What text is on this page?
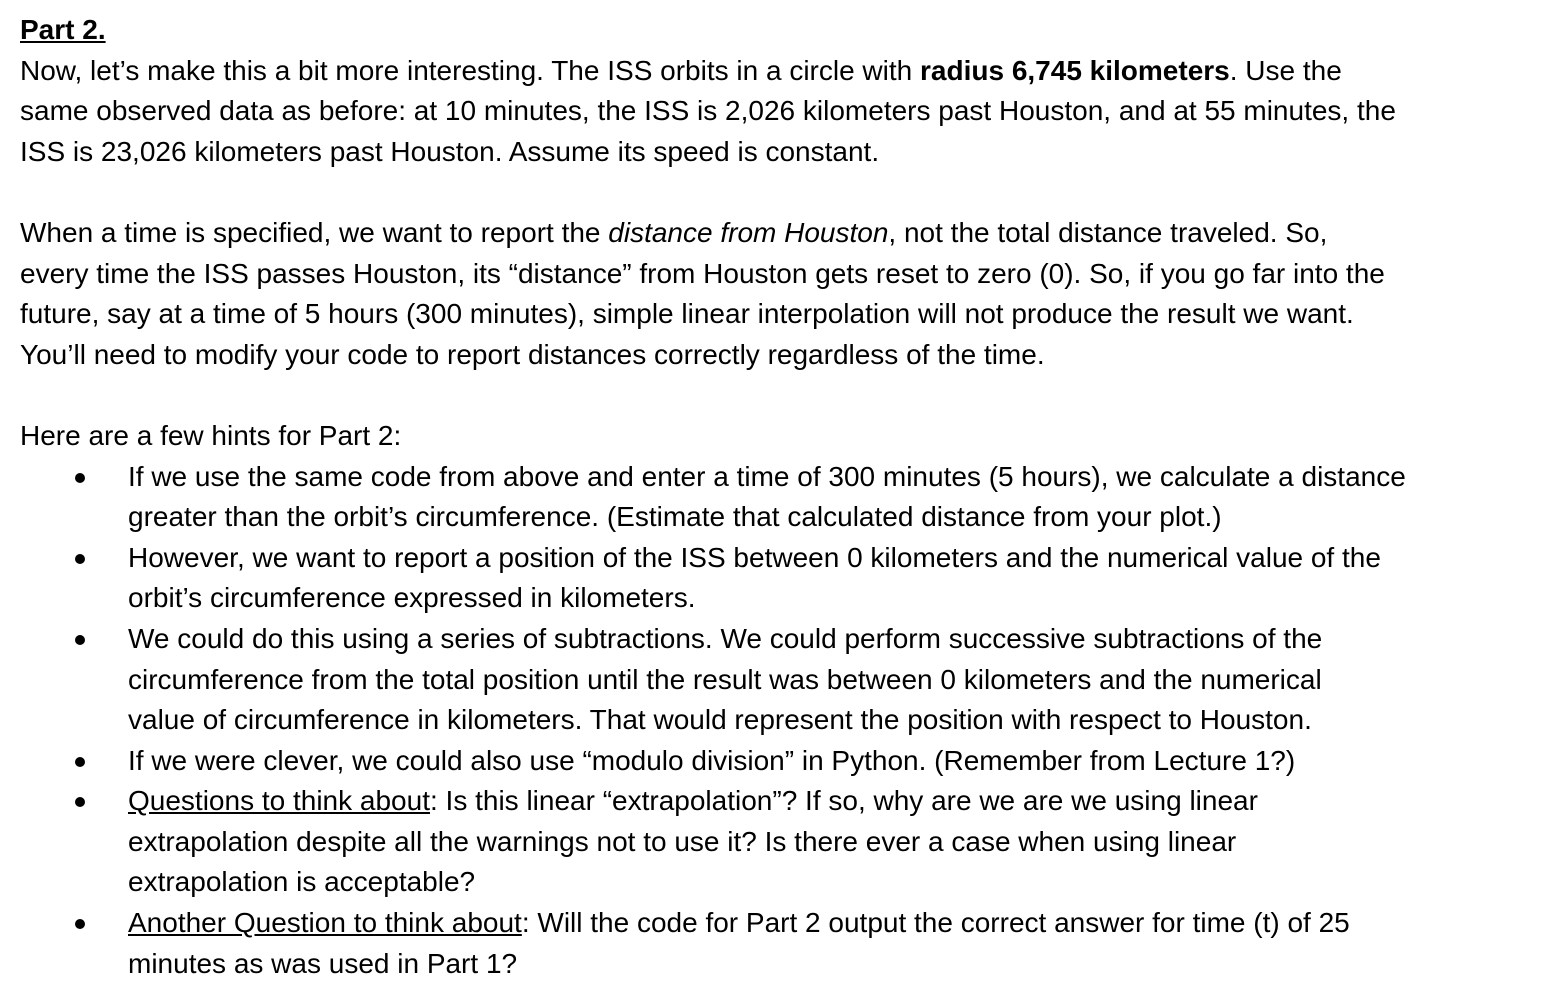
Part 2.
Now, let’s make this a bit more interesting. The ISS orbits in a circle with radius 6,745 kilometers. Use the
same observed data as before: at 10 minutes, the ISS is 2,026 kilometers past Houston, and at 55 minutes, the
ISS is 23,026 kilometers past Houston. Assume its speed is constant.
When a time is specified, we want to report the distance from Houston, not the total distance traveled. So,
every time the ISS passes Houston, its “distance” from Houston gets reset to zero (0). So, if you go far into the
future, say at a time of 5 hours (300 minutes), simple linear interpolation will not produce the result we want.
You’ll need to modify your code to report distances correctly regardless of the time.
Here are a few hints for Part 2:
If we use the same code from above and enter a time of 300 minutes (5 hours), we calculate a distance
greater than the orbit’s circumference. (Estimate that calculated distance from your plot.)
However, we want to report a position of the ISS between 0 kilometers and the numerical value of the
orbit’s circumference expressed in kilometers.
We could do this using a series of subtractions. We could perform successive subtractions of the
circumference from the total position until the result was between 0 kilometers and the numerical
value of circumference in kilometers. That would represent the position with respect to Houston.
If we were clever, we could also use “modulo division” in Python. (Remember from Lecture 1?)
Questions to think about: Is this linear “extrapolation”? If so, why are we are we using linear
extrapolation despite all the warnings not to use it? Is there ever a case when using linear
extrapolation is acceptable?
Another Question to think about: Will the code for Part 2 output the correct answer for time (t) of 25
minutes as was used in Part 1?
